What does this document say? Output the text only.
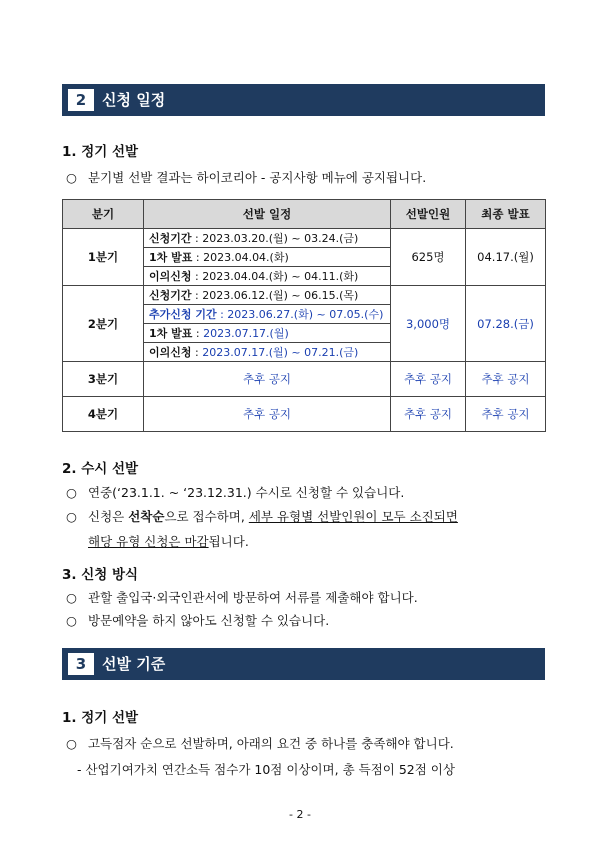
2	신청 일정
1. 정기 선발
○ 분기별 선발 결과는 하이코리아 - 공지사항 메뉴에 공지됩니다.
분기	선발 일정	선발인원	최종 발표
1분기	신청기간 : 2023.03.20.(월) ~ 03.24.(금)	625명	04.17.(월)
	1차 발표 : 2023.04.04.(화)		
	이의신청 : 2023.04.04.(화) ~ 04.11.(화)		
2분기	신청기간 : 2023.06.12.(월) ~ 06.15.(목)	3,000명	07.28.(금)
	추가신청 기간 : 2023.06.27.(화) ~ 07.05.(수)		
	1차 발표 : 2023.07.17.(월)		
	이의신청 : 2023.07.17.(월) ~ 07.21.(금)		
3분기	추후 공지	추후 공지	추후 공지
4분기	추후 공지	추후 공지	추후 공지
2. 수시 선발
○ 연중(‘23.1.1. ~ ‘23.12.31.) 수시로 신청할 수 있습니다.
○ 신청은 선착순으로 접수하며, 세부 유형별 선발인원이 모두 소진되면
해당 유형 신청은 마감됩니다.
3. 신청 방식
○ 관할 출입국·외국인관서에 방문하여 서류를 제출해야 합니다.
○ 방문예약을 하지 않아도 신청할 수 있습니다.
3	선발 기준
1. 정기 선발
○ 고득점자 순으로 선발하며, 아래의 요건 중 하나를 충족해야 합니다.
- 산업기여가치 연간소득 점수가 10점 이상이며, 총 득점이 52점 이상
- 2 -
